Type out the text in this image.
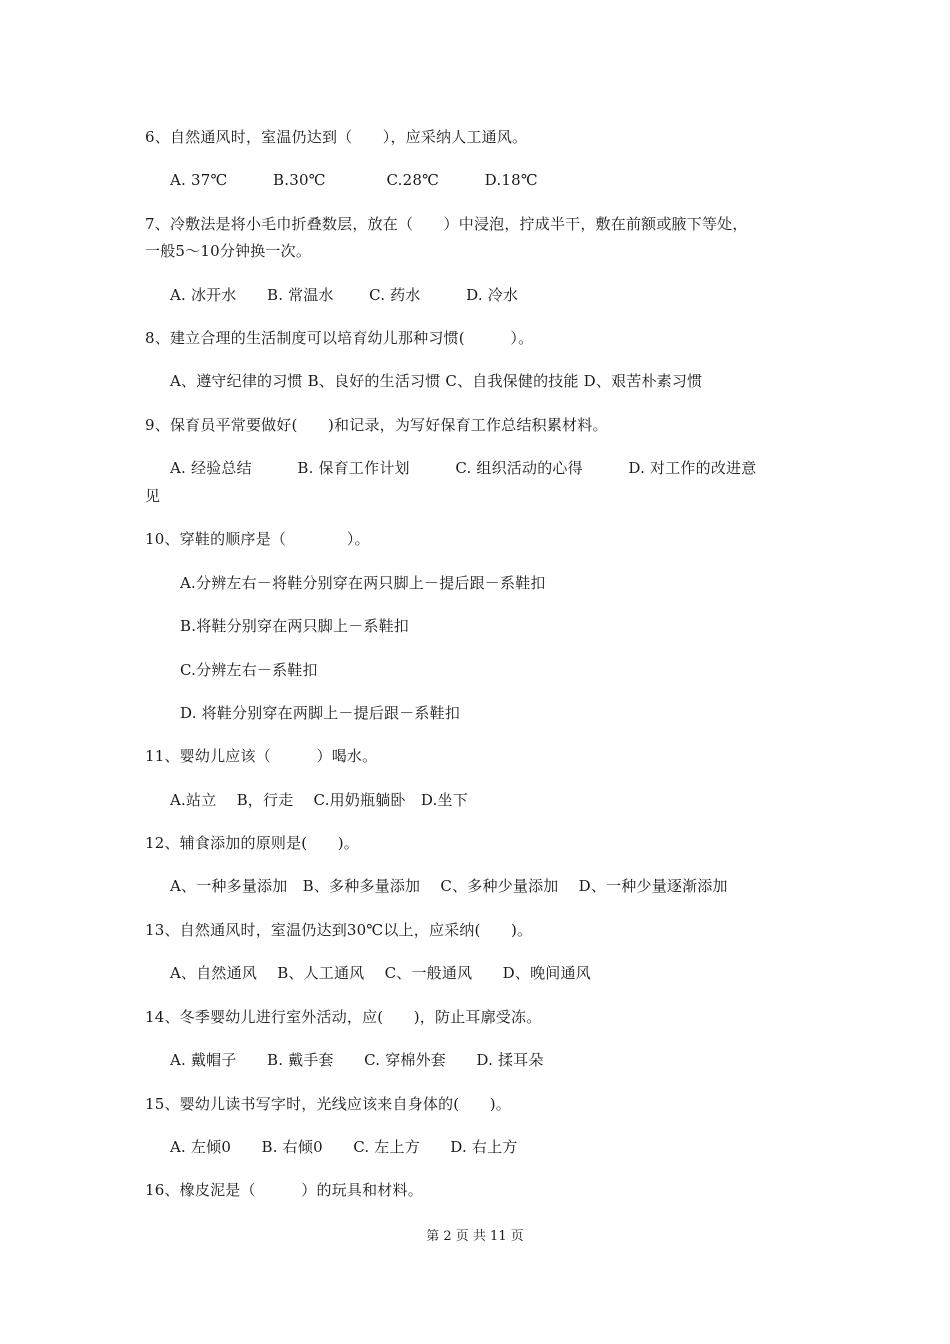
6、自然通风时，室温仍达到（　　），应采纳人工通风。
A. 37℃　　　B.30℃　　　　C.28℃　　　D.18℃
7、冷敷法是将小毛巾折叠数层，放在（　　）中浸泡，拧成半干，敷在前额或腋下等处，
一般5～10分钟换一次。
A. 冰开水　　B. 常温水　　 C. 药水　　　D. 冷水
8、建立合理的生活制度可以培育幼儿那种习惯(　　　）。
A、遵守纪律的习惯 B、良好的生活习惯 C、自我保健的技能 D、艰苦朴素习惯
9、保育员平常要做好(　　)和记录，为写好保育工作总结积累材料。
A. 经验总结　　　B. 保育工作计划　　　C. 组织活动的心得　　　D. 对工作的改进意
见
10、穿鞋的顺序是（　　　　）。
A.分辨左右－将鞋分别穿在两只脚上－提后跟－系鞋扣
B.将鞋分别穿在两只脚上－系鞋扣
C.分辨左右－系鞋扣
D. 将鞋分别穿在两脚上－提后跟－系鞋扣
11、婴幼儿应该（　　　）喝水。
A.站立　 B，行走　 C.用奶瓶躺卧　D.坐下
12、辅食添加的原则是(　　)。
A、一种多量添加　B、多种多量添加　 C、多种少量添加　 D、一种少量逐渐添加
13、自然通风时，室温仍达到30℃以上，应采纳(　　)。
A、自然通风　 B、人工通风　 C、一般通风　　D、晚间通风
14、冬季婴幼儿进行室外活动，应(　　)，防止耳廓受冻。
A. 戴帽子　　B. 戴手套　　C. 穿棉外套　　D. 揉耳朵
15、婴幼儿读书写字时，光线应该来自身体的(　　)。
A. 左倾0　　B. 右倾0　　C. 左上方　　D. 右上方
16、橡皮泥是（　　　）的玩具和材料。
第 2 页 共 11 页
